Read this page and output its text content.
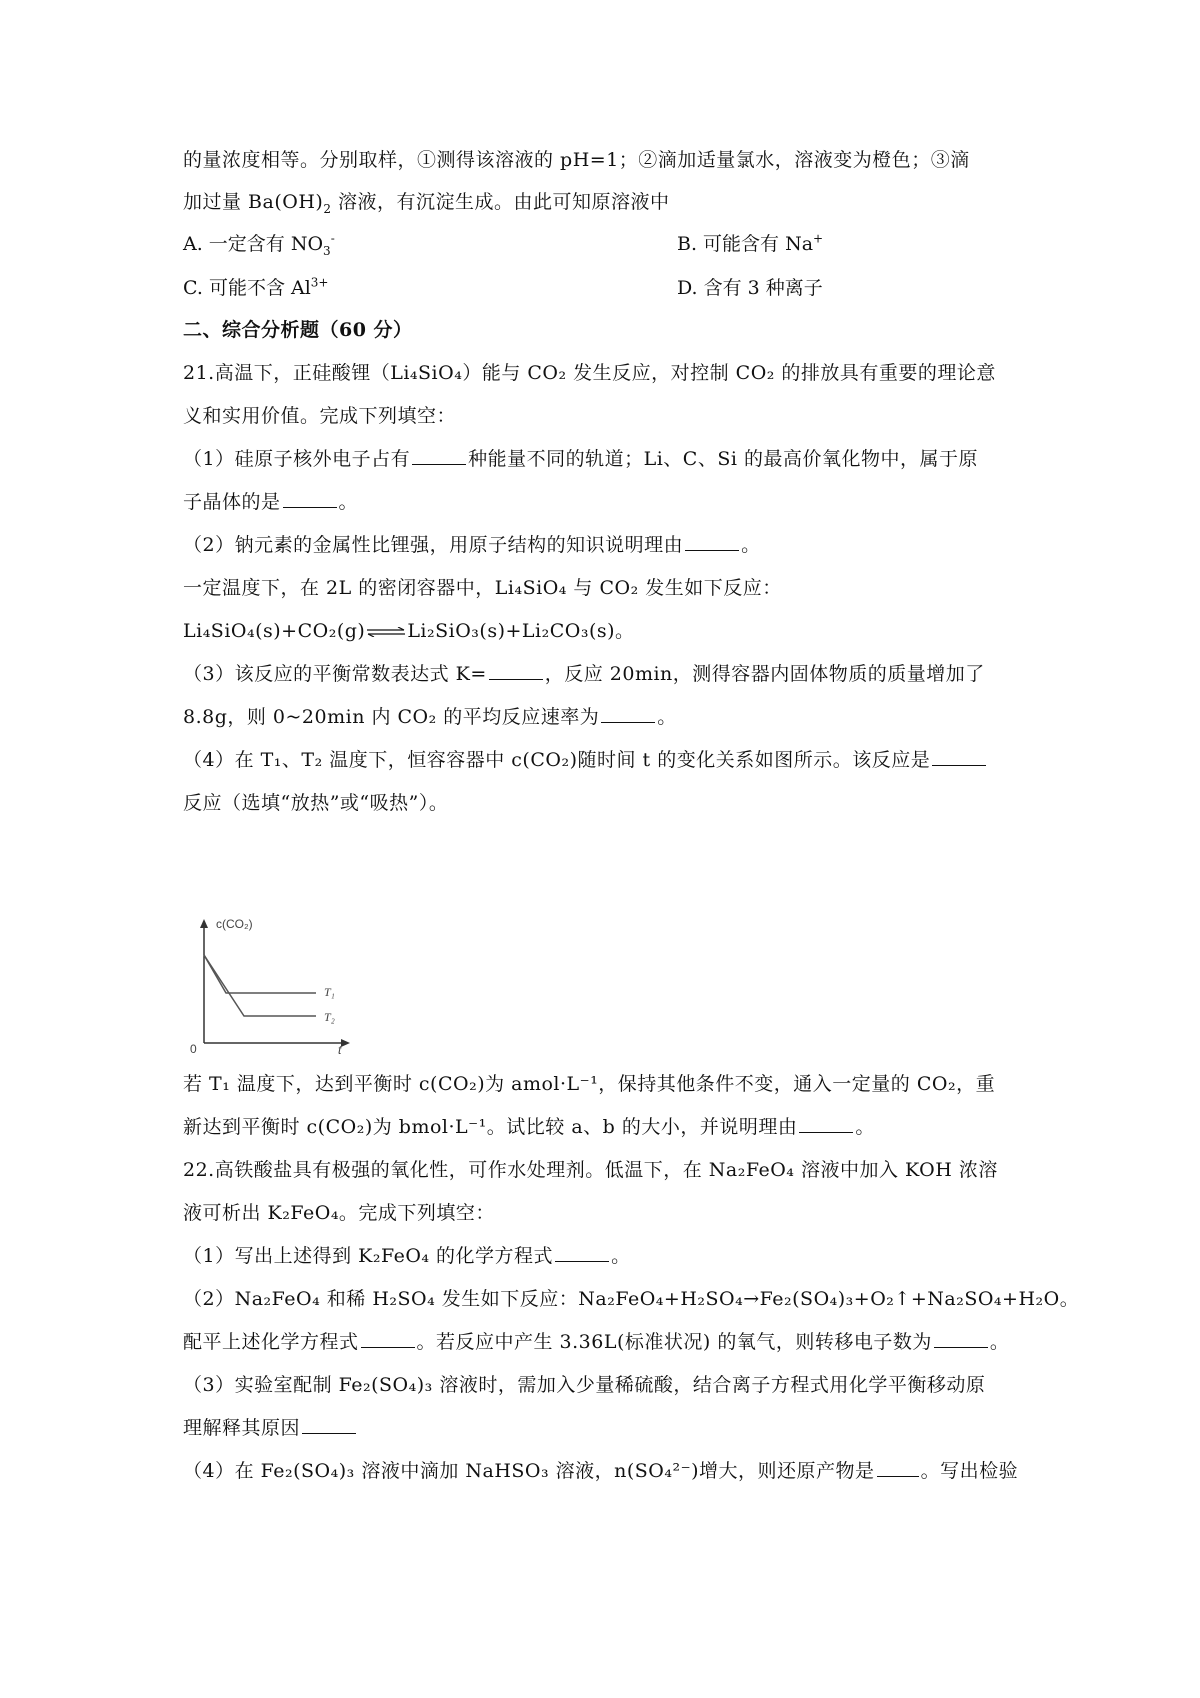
的量浓度相等。分别取样，①测得该溶液的 pH=1；②滴加适量氯水，溶液变为橙色；③滴
加过量 $Ba(OH)_2$ 溶液，有沉淀生成。由此可知原溶液中
A. 一定含有 $NO_3^-$	B. 可能含有 Na+
C. 可能不含 $Al^{3+}$	D. 含有 3 种离子
二、综合分析题（60 分）
21.高温下，正硅酸锂（Li₄SiO₄）能与 CO₂ 发生反应，对控制 CO₂ 的排放具有重要的理论意
义和实用价值。完成下列填空：
（1）硅原子核外电子占有	种能量不同的轨道；Li、C、Si 的最高价氧化物中，属于原
子晶体的是	。
（2）钠元素的金属性比锂强，用原子结构的知识说明理由	。
一定温度下，在 2L 的密闭容器中，Li₄SiO₄ 与 CO₂ 发生如下反应：
Li₄SiO₄(s)+CO₂(g)⇌Li₂SiO₃(s)+Li₂CO₃(s)。
（3）该反应的平衡常数表达式 K=	，反应 20min，测得容器内固体物质的质量增加了
8.8g，则 0~20min 内 CO₂ 的平均反应速率为	。
（4）在 T₁、T₂ 温度下，恒容容器中 c(CO₂)随时间 t 的变化关系如图所示。该反应是
反应（选填“放热”或“吸热”）。
c(CO₂)
t
0
T₁
T₂
若 T₁ 温度下，达到平衡时 c(CO₂)为 amol·L⁻¹，保持其他条件不变，通入一定量的 CO₂，重
新达到平衡时 c(CO₂)为 bmol·L⁻¹。试比较 a、b 的大小，并说明理由	。
22.高铁酸盐具有极强的氧化性，可作水处理剂。低温下，在 Na₂FeO₄ 溶液中加入 KOH 浓溶
液可析出 K₂FeO₄。完成下列填空：
（1）写出上述得到 K₂FeO₄ 的化学方程式	。
（2）Na₂FeO₄ 和稀 H₂SO₄ 发生如下反应：Na₂FeO₄+H₂SO₄→Fe₂(SO₄)₃+O₂↑+Na₂SO₄+H₂O。
配平上述化学方程式	。若反应中产生 3.36L(标准状况) 的氧气，则转移电子数为	。
（3）实验室配制 Fe₂(SO₄)₃ 溶液时，需加入少量稀硫酸，结合离子方程式用化学平衡移动原
理解释其原因
（4）在 Fe₂(SO₄)₃ 溶液中滴加 NaHSO₃ 溶液，n(SO₄²⁻)增大，则还原产物是 。写出检验
